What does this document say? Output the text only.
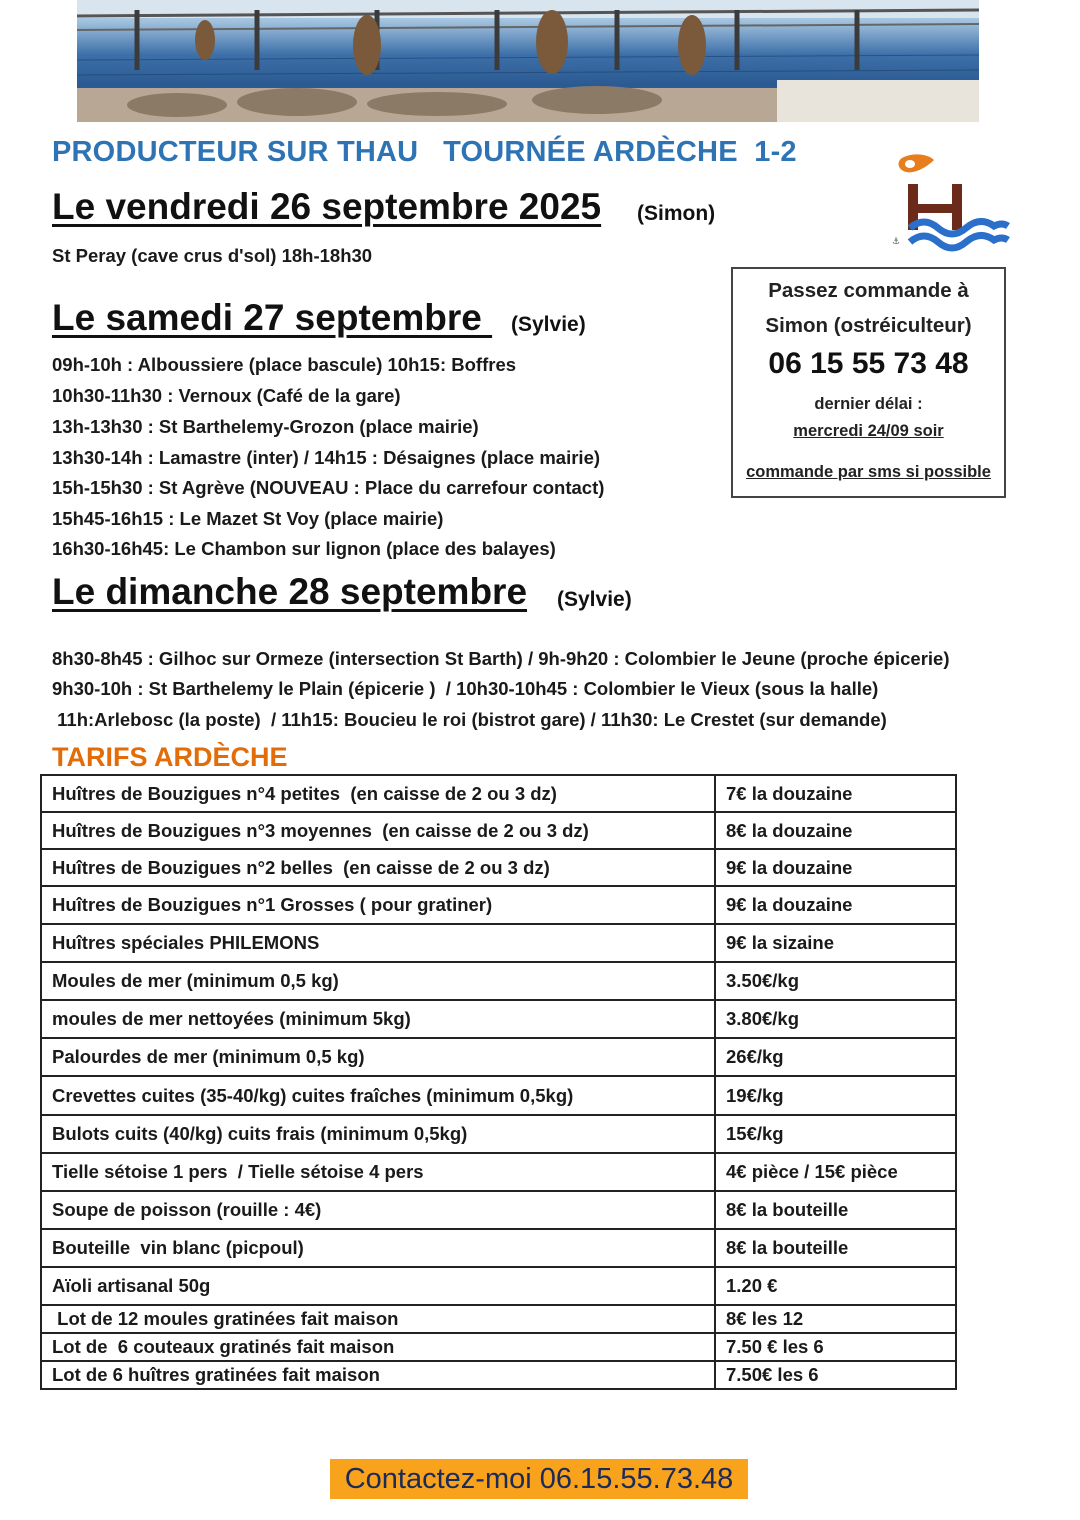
PRODUCTEUR SUR THAU TOURNÉE ARDÈCHE  1-2
Le vendredi 26 septembre 2025 (Simon)
St Peray (cave crus d'sol) 18h-18h30
Le samedi 27 septembre (Sylvie)
09h-10h : Alboussiere (place bascule) 10h15: Boffres
10h30-11h30 : Vernoux (Café de la gare)
13h-13h30 : St Barthelemy-Grozon (place mairie)
13h30-14h : Lamastre (inter) / 14h15 : Désaignes (place mairie)
15h-15h30 : St Agrève (NOUVEAU : Place du carrefour contact)
15h45-16h15 : Le Mazet St Voy (place mairie)
16h30-16h45: Le Chambon sur lignon (place des balayes)
Le dimanche 28 septembre (Sylvie)
8h30-8h45 : Gilhoc sur Ormeze (intersection St Barth) / 9h-9h20 : Colombier le Jeune (proche épicerie)
9h30-10h : St Barthelemy le Plain (épicerie )  / 10h30-10h45 : Colombier le Vieux (sous la halle)
11h:Arlebosc (la poste)  / 11h15: Boucieu le roi (bistrot gare) / 11h30: Le Crestet (sur demande)
⚓
Passez commande à
Simon (ostréiculteur)
06 15 55 73 48
dernier délai :
mercredi 24/09 soir
commande par sms si possible
TARIFS ARDÈCHE
Huîtres de Bouzigues n°4 petites  (en caisse de 2 ou 3 dz)	7€ la douzaine
Huîtres de Bouzigues n°3 moyennes  (en caisse de 2 ou 3 dz)	8€ la douzaine
Huîtres de Bouzigues n°2 belles  (en caisse de 2 ou 3 dz)	9€ la douzaine
Huîtres de Bouzigues n°1 Grosses ( pour gratiner)	9€ la douzaine
Huîtres spéciales PHILEMONS	9€ la sizaine
Moules de mer (minimum 0,5 kg)	3.50€/kg
moules de mer nettoyées (minimum 5kg)	3.80€/kg
Palourdes de mer (minimum 0,5 kg)	26€/kg
Crevettes cuites (35-40/kg) cuites fraîches (minimum 0,5kg)	19€/kg
Bulots cuits (40/kg) cuits frais (minimum 0,5kg)	15€/kg
Tielle sétoise 1 pers  / Tielle sétoise 4 pers	4€ pièce / 15€ pièce
Soupe de poisson (rouille : 4€)	8€ la bouteille
Bouteille  vin blanc (picpoul)	8€ la bouteille
Aïoli artisanal 50g	1.20 €
Lot de 12 moules gratinées fait maison	8€ les 12
Lot de  6 couteaux gratinés fait maison	7.50 € les 6
Lot de 6 huîtres gratinées fait maison	7.50€ les 6
Contactez-moi 06.15.55.73.48
